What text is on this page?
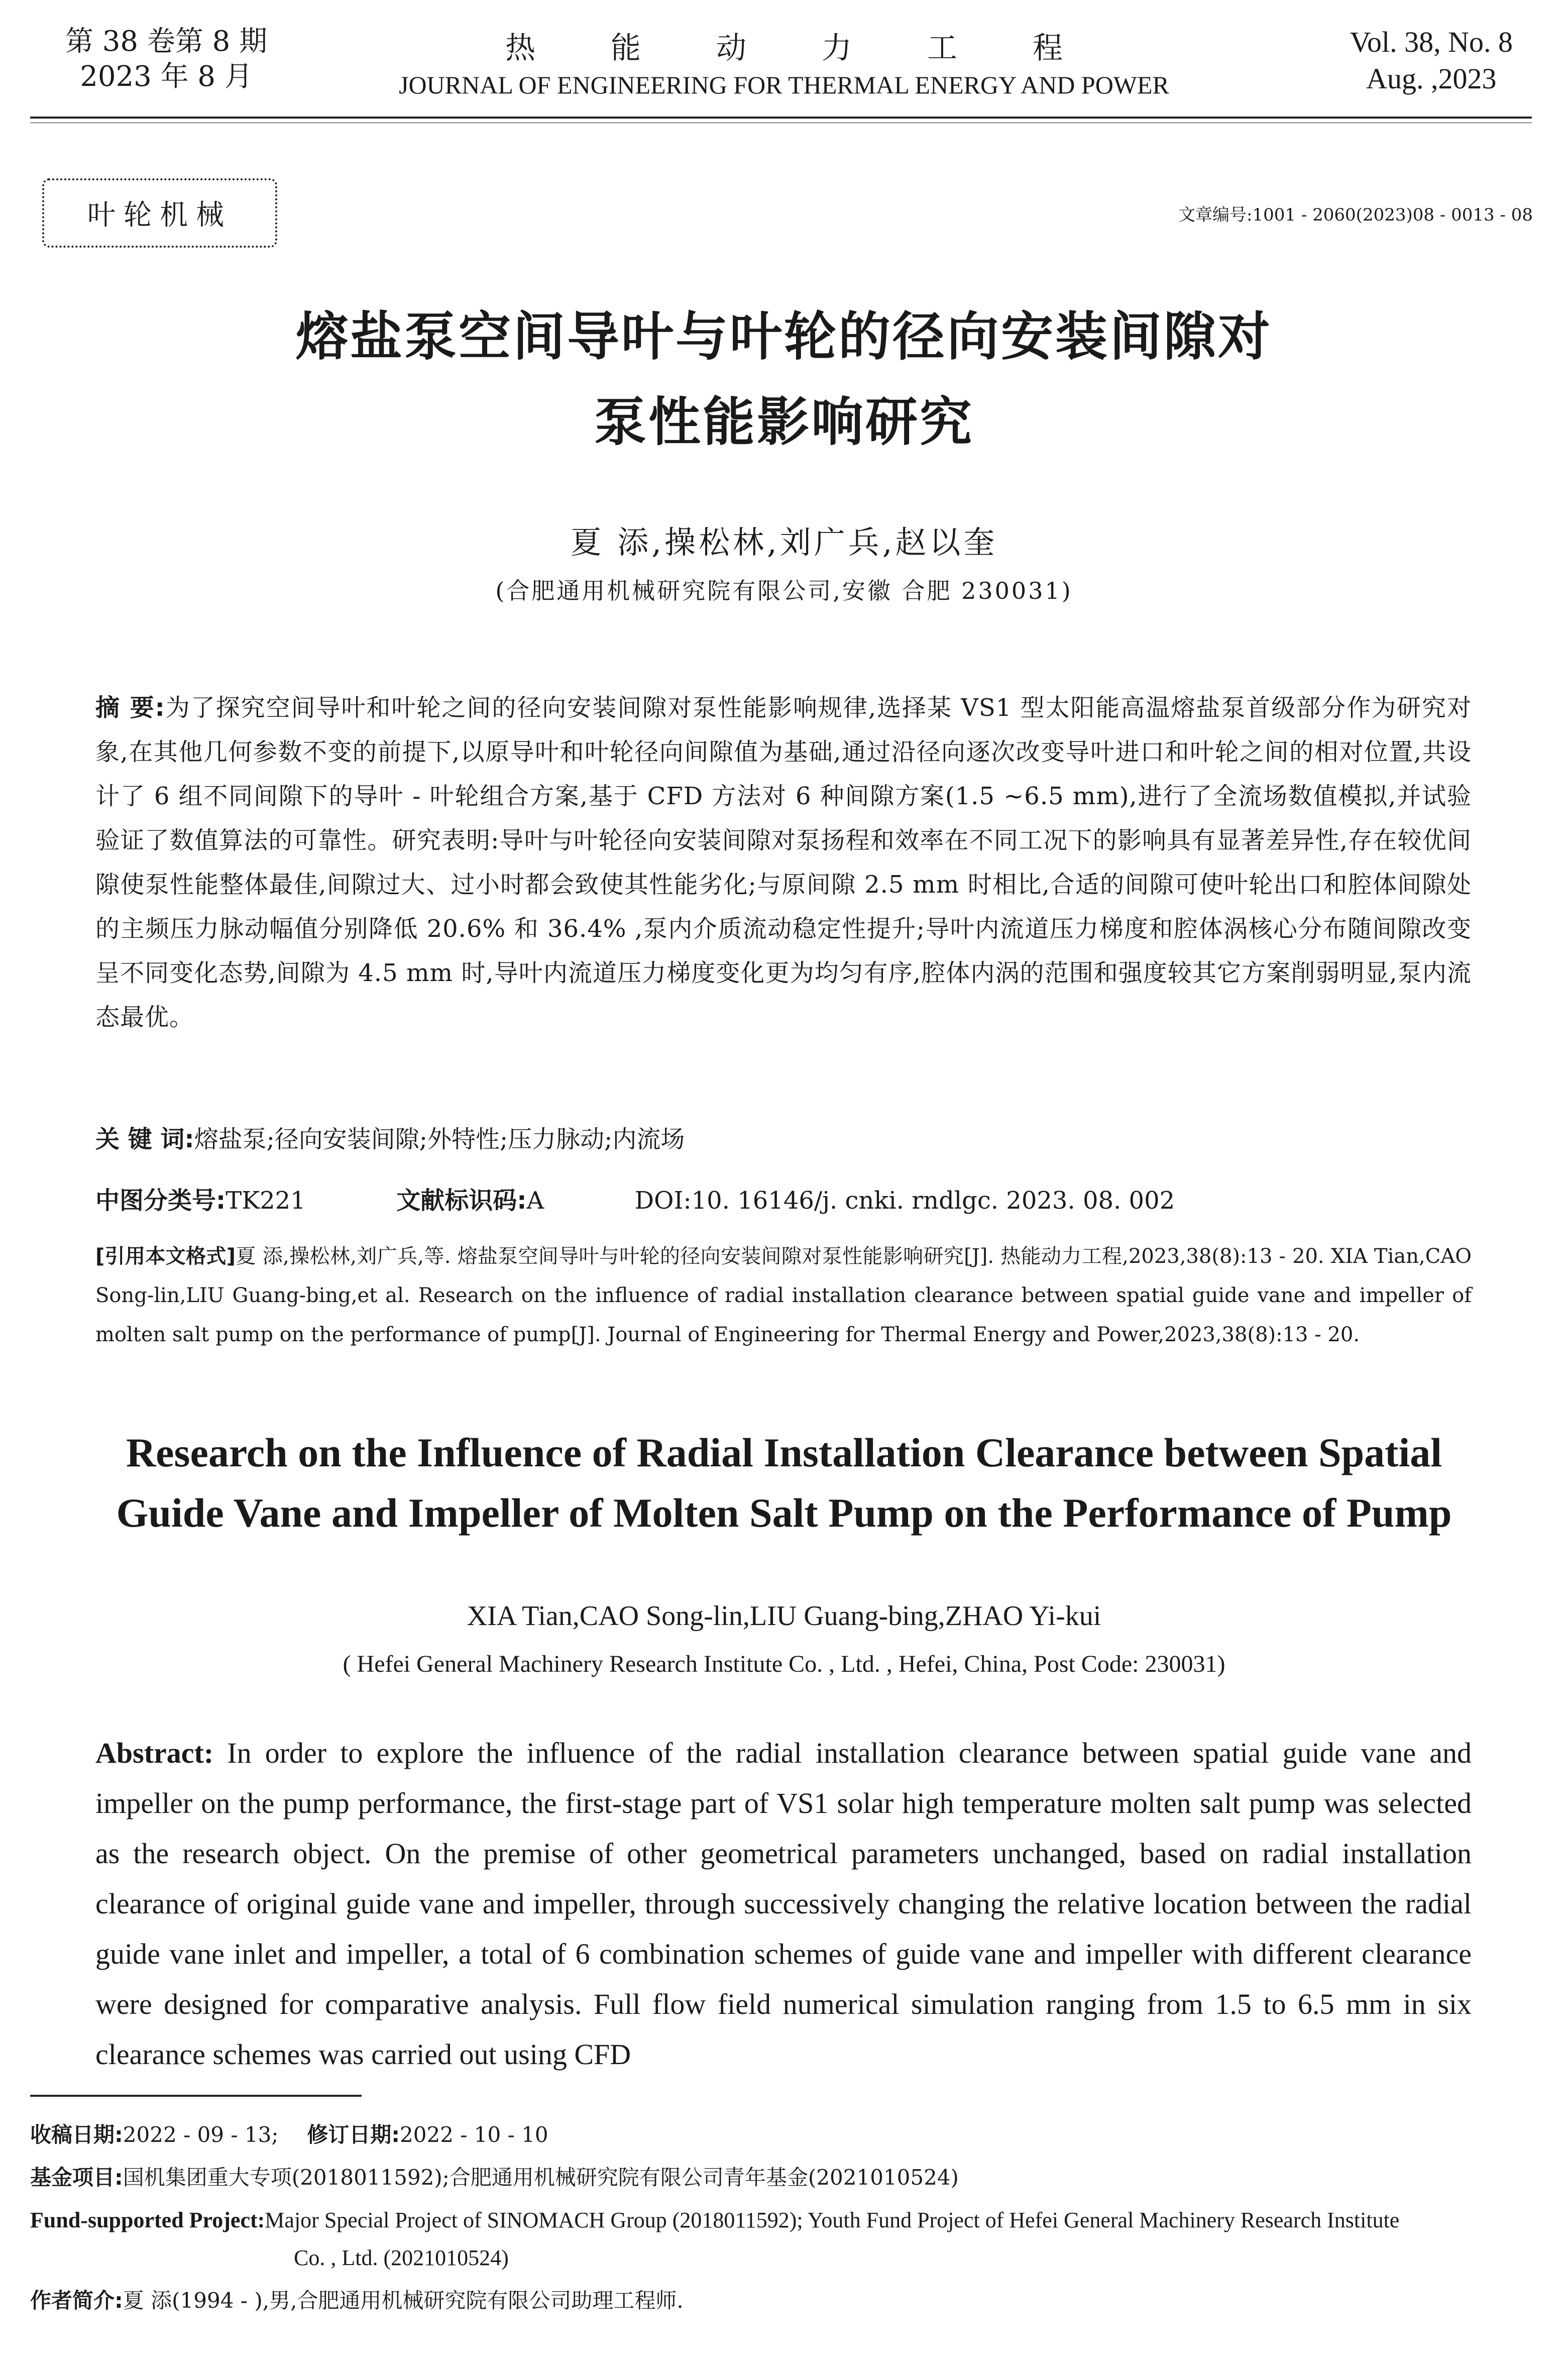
第 38 卷第 8 期
2023 年 8 月
热能动力工程
JOURNAL OF ENGINEERING FOR THERMAL ENERGY AND POWER
Vol. 38, No. 8
Aug. ,2023
叶轮机械	文章编号:1001 - 2060(2023)08 - 0013 - 08
熔盐泵空间导叶与叶轮的径向安装间隙对
泵性能影响研究
夏 添,操松林,刘广兵,赵以奎
(合肥通用机械研究院有限公司,安徽 合肥 230031)
摘 要:为了探究空间导叶和叶轮之间的径向安装间隙对泵性能影响规律,选择某 VS1 型太阳能高温熔盐泵首级部分作为研究对象,在其他几何参数不变的前提下,以原导叶和叶轮径向间隙值为基础,通过沿径向逐次改变导叶进口和叶轮之间的相对位置,共设计了 6 组不同间隙下的导叶 - 叶轮组合方案,基于 CFD 方法对 6 种间隙方案(1.5 ~6.5 mm),进行了全流场数值模拟,并试验验证了数值算法的可靠性。研究表明:导叶与叶轮径向安装间隙对泵扬程和效率在不同工况下的影响具有显著差异性,存在较优间隙使泵性能整体最佳,间隙过大、过小时都会致使其性能劣化;与原间隙 2.5 mm 时相比,合适的间隙可使叶轮出口和腔体间隙处的主频压力脉动幅值分别降低 20.6% 和 36.4% ,泵内介质流动稳定性提升;导叶内流道压力梯度和腔体涡核心分布随间隙改变呈不同变化态势,间隙为 4.5 mm 时,导叶内流道压力梯度变化更为均匀有序,腔体内涡的范围和强度较其它方案削弱明显,泵内流态最优。
关 键 词:熔盐泵;径向安装间隙;外特性;压力脉动;内流场
中图分类号:TK221	文献标识码:A	DOI:10. 16146/j. cnki. rndlgc. 2023. 08. 002
[引用本文格式]夏 添,操松林,刘广兵,等. 熔盐泵空间导叶与叶轮的径向安装间隙对泵性能影响研究[J]. 热能动力工程,2023,38(8):13 - 20. XIA Tian,CAO Song-lin,LIU Guang-bing,et al. Research on the influence of radial installation clearance between spatial guide vane and impeller of molten salt pump on the performance of pump[J]. Journal of Engineering for Thermal Energy and Power,2023,38(8):13 - 20.
Research on the Influence of Radial Installation Clearance between Spatial
Guide Vane and Impeller of Molten Salt Pump on the Performance of Pump
XIA Tian,CAO Song-lin,LIU Guang-bing,ZHAO Yi-kui
( Hefei General Machinery Research Institute Co. , Ltd. , Hefei, China, Post Code: 230031)
Abstract: In order to explore the influence of the radial installation clearance between spatial guide vane and impeller on the pump performance, the first-stage part of VS1 solar high temperature molten salt pump was selected as the research object. On the premise of other geometrical parameters unchanged, based on radial installation clearance of original guide vane and impeller, through successively changing the relative location between the radial guide vane inlet and impeller, a total of 6 combination schemes of guide vane and impeller with different clearance were designed for comparative analysis. Full flow field numerical simulation ranging from 1.5 to 6.5 mm in six clearance schemes was carried out using CFD
收稿日期:2022 - 09 - 13; 修订日期:2022 - 10 - 10
基金项目:国机集团重大专项(2018011592);合肥通用机械研究院有限公司青年基金(2021010524)
Fund-supported Project:Major Special Project of SINOMACH Group (2018011592); Youth Fund Project of Hefei General Machinery Research Institute
Co. , Ltd. (2021010524)
作者简介:夏 添(1994 - ),男,合肥通用机械研究院有限公司助理工程师.
